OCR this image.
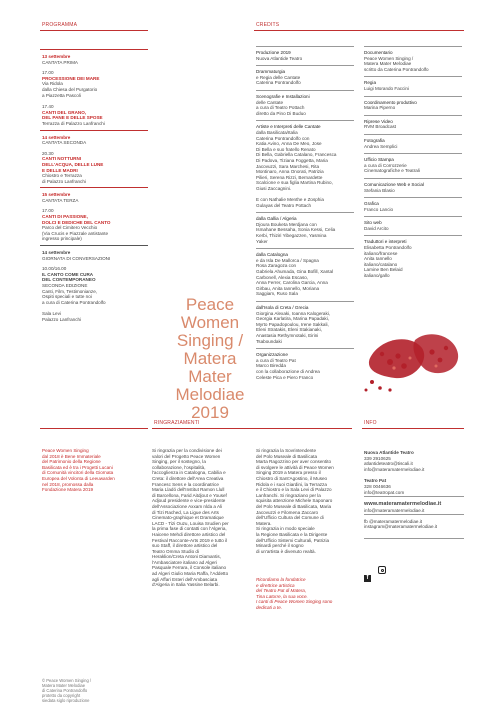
PROGRAMMA
13 settembre
CANTATA PRIMA
17.00
PROCESSIONE DEI MARE
Via Ridola
dalla Chiesa del Purgatorio
a Piazzetta Pascoli
17.40
CANTI DEL GRANO,
DEL PANE E DELLE SPOSE
Terrazza di Palazzo Lanfranchi
14 settembre
CANTATA SECONDA
20.30
CANTI NOTTURNI
DELL'ACQUA, DELLE LUNE
E DELLE MADRI
Chiostro e Terrazza
di Palazzo Lanfranchi
15 settembre
CANTATA TERZA
17.00
CANTI DI PASSIONE,
DOLCI E DEDICHE DEL CANTO
Parco del Cimitero Vecchio
(Via Crucis e Piazzale antistante
ingresso principale)
14 settembre
GIORNATA DI CONVERSAZIONI
10.00/16.00
IL CANTO COME CURA
DEL CONTEMPORANEO
SECONDA EDIZIONE
Canti, Film, Testimonianze,
Ospiti speciali e tutte noi
a cura di Caterina Pontrandolfo
Sala Levi
Palazzo Lanfranchi
Peace
Women
Singing /
Matera
Mater
Melodiae
2019
CREDITS
Produzione 2019
Nuova Atlantide Teatro
Drammaturgia
e Regia delle Cantate
Caterina Pontrandolfo
Scenografie e Installazioni
delle Cantate
a cura di Teatro Pottach
diretto da Pino Di Buduo
Artiste e Interpreti delle Cantate
dalla Basilicata/Italia
Caterina Pontrandolfo con
Katia Avino, Anna De Meo, Jose
Di Bella e suo fratello Renato
Di Bella, Gabriella Catalano, Francesca
Di Padova, Tiziana Foggetta, Maria
Jacovuzzi, Sara Marchesi, Rita
Montinaro, Anna Onorati, Patrizia
Pilieri, Serena Rizzi, Bernardette
Scalcione e sua figlia Martina Rubino,
Giusi Zaccagnini.
E con Nathalie Menthe e Zosphia
Gulayas del Teatro Pottach
dalla Gallia / Algeria
Djoura Bouketa Merdjana con
Ismahane Bessaha, Sonia Kessi, Celia
Kerbi, Thiziri Yibegazzen, Yasmina
Yaker
dalla Catalogna
e da Isla De Mallorca / Spagna
Rosa Zaragoza con
Gabriela Ahumada, Gina Bofill, Xantal
Carbonell, Alexia Escaso,
Anna Ferrer, Carolina Garcia, Anna
Girbau, Anita Iannello, Moriana
Saggiam, Ruso Sala
dall'Isola di Creta / Grecia
Giorgina Alexaki, Ioanna Kalogeraki,
Georgia Karlatira, Marina Papadaki,
Myrto Papadopoulou, Irene Sakkali,
Eleni Stratakis, Eleni Stakianaki,
Anastasia Rethymnotaki, Eirini
Tsaboundaki
Organizzazione
a cura di Teatro Pat
Marco Biredda
con la collaborazione di Andrea
Celeste Pica e Piero Franco
Documentario
Peace Women Singing /
Matera Mater Melodiae
scritto da Caterina Pontrandolfo
Regia
Luigi Morando Faccini
Coordinamento produttivo
Marina Piperno
Riprese Video
RVM Broadcast
Fotografia
Andrea Semplici
Ufficio Stampa
a cura di Corrozzerie
Cinematografiche e Teatrali
Comunicazione Web e Social
Stefania Blasio
Grafica
Franco Lancio
Sito web
David Arcito
Traduttori e interpreti
Elisabetta Pontrandolfo
italiano/francese
Anita Iannello
italiano/catalano
Lamine Ben Belaid
italiano/gallo
RINGRAZIAMENTI
Peace Women Singing
dal 2018 è Bene Immateriale
del Patrimonio della Regione
Basilicata ed è tra i Progetti Lucani
di Comunità vincitori della Giornata
Europea del Volonta di Leeuwarden
nel 2018, promossa dalla
Fondazione Matera 2019
Si ringrazia per la condivisione dei
valori del Progetto Peace Women
Singing, per il sostegno, la
collaborazione, l'ospitalità,
l'accoglienza in Catalogna, Cabilia e
Creta: il direttore dell'Area Creativa
Francesc Sens e la coordinatrice
Maria Lladó dell'Institut Ramon Llull
di Barcellona, Farid Aitdjout e Yousef
Adjoud presidente e vice-presidente
dell'Associazione Axxam nlda a Ali
di Tizi Rached, La Ligue des Arts
Cinemato-graphique et Dramatique
LACD - Tizi Ouzu, Louisa Srudien per
la prima fase di contatti con l'Algeria,
Haicene Mehdi direttore artistico del
Festival Racconte-Arts 2019 e tutto il
suo Staff, il direttore artistico del
Teatro Omma Studio di
Heraklion/Creta Antoni Diamantis,
l'Ambasciatore italiano ad Algeri
Pasquale Ferrara, il Console italiano
ad Algeri Giulio Maria Raffa, l'Addetto
agli Affari Esteri dell'Ambasciata
d'Algeria in Italia Yassine Belarbi.
Si ringrazia la Sovrintendente
del Polo Museale di Basilicata
Marta Ragozzino per aver consentito
di svolgere le attività di Peace Women
Singing 2019 a Matera presso il
Chiostro di Sant'Agostino, il Museo
Ridola e i suoi Giardini, la Terrazza
e il Chiostro e la Sala Levi di Palazzo
Lanfranchi. Si ringraziano per la
squisita attenzione Michele Saponaro
del Polo Museale di Basilicata, Maria
Jacovuzzi e Filomena Zaccaro
dell'Ufficio Cultura del Comune di
Matera.
Si ringrazia in modo speciale
la Regione Basilicata e la Dirigente
dell'Ufficio Sistemi Culturali, Patrizia
Minardi perché il sogno
di un'artista è divenuto realtà.
Ricordiamo la fondatrice
e direttrice artistica
del Teatro Pat di Matera,
Tina Latorre, la sua voce.
I canti di Peace Women Singing sono
dedicati a te.
INFO
Nuova Atlantide Teatro
339 2910625
atlantideteatro@tiscali.it
info@materamatermelodiae.it
Teatro Pat
328 0046636
info@teatropat.com
www.materamatermelodiae.it
info@materamatermelodiae.it
fb @materamatermelodiae.it
instagram@materamatermelodiae.it
f
© Peace Women Singing /
Matera Mater Melodiae
di Caterina Pontrandolfo
protetto da copyright
siedata siglo riproduzione
